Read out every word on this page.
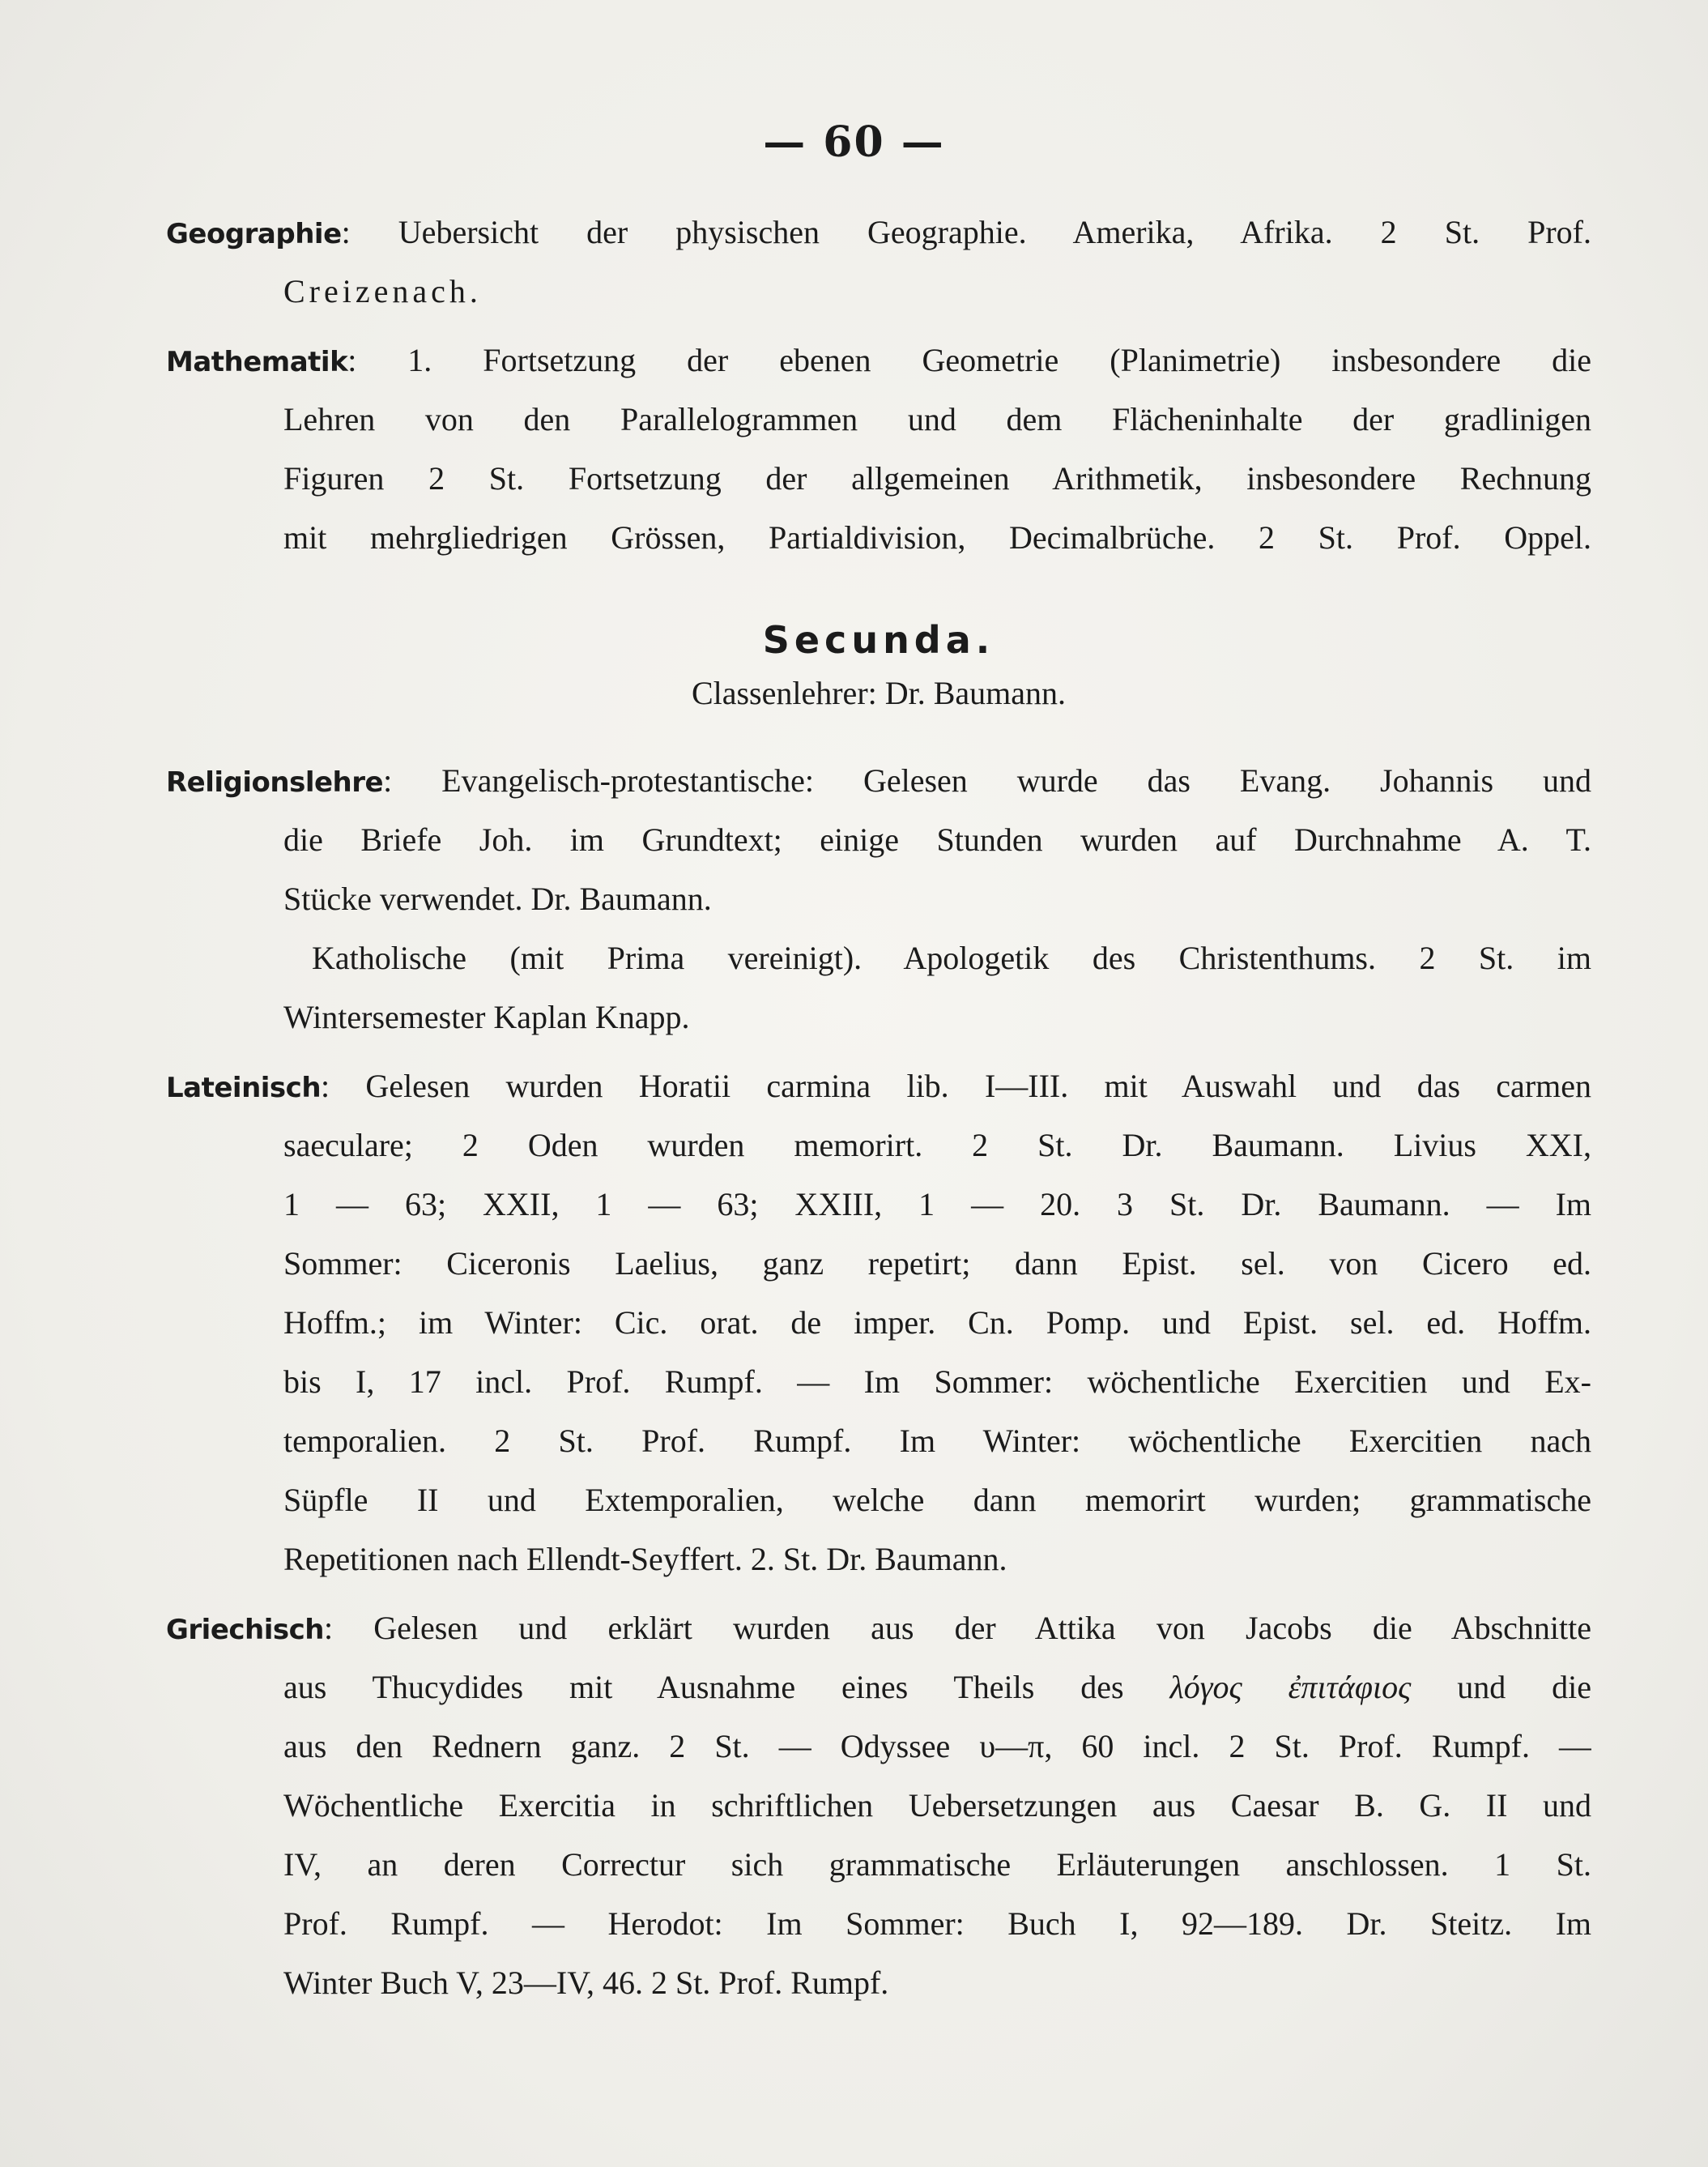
— 60 —
Geographie: Uebersicht der physischen Geographie. Amerika, Afrika. 2 St. Prof.
Creizenach.
Mathematik: 1. Fortsetzung der ebenen Geometrie (Planimetrie) insbesondere die
Lehren von den Parallelogrammen und dem Flächeninhalte der gradlinigen
Figuren 2 St. Fortsetzung der allgemeinen Arithmetik, insbesondere Rechnung
mit mehrgliedrigen Grössen, Partialdivision, Decimalbrüche. 2 St. Prof. Oppel.
Secunda.
Classenlehrer: Dr. Baumann.
Religionslehre: Evangelisch-protestantische: Gelesen wurde das Evang. Johannis und
die Briefe Joh. im Grundtext; einige Stunden wurden auf Durchnahme A. T.
Stücke verwendet. Dr. Baumann.
Katholische (mit Prima vereinigt). Apologetik des Christenthums. 2 St. im
Wintersemester Kaplan Knapp.
Lateinisch: Gelesen wurden Horatii carmina lib. I—III. mit Auswahl und das carmen
saeculare; 2 Oden wurden memorirt. 2 St. Dr. Baumann. Livius XXI,
1 — 63; XXII, 1 — 63; XXIII, 1 — 20. 3 St. Dr. Baumann. — Im
Sommer: Ciceronis Laelius, ganz repetirt; dann Epist. sel. von Cicero ed.
Hoffm.; im Winter: Cic. orat. de imper. Cn. Pomp. und Epist. sel. ed. Hoffm.
bis I, 17 incl. Prof. Rumpf. — Im Sommer: wöchentliche Exercitien und Ex-
temporalien. 2 St. Prof. Rumpf. Im Winter: wöchentliche Exercitien nach
Süpfle II und Extemporalien, welche dann memorirt wurden; grammatische
Repetitionen nach Ellendt-Seyffert. 2. St. Dr. Baumann.
Griechisch: Gelesen und erklärt wurden aus der Attika von Jacobs die Abschnitte
aus Thucydides mit Ausnahme eines Theils des λόγος ἐπιτάφιος und die
aus den Rednern ganz. 2 St. — Odyssee υ—π, 60 incl. 2 St. Prof. Rumpf. —
Wöchentliche Exercitia in schriftlichen Uebersetzungen aus Caesar B. G. II und
IV, an deren Correctur sich grammatische Erläuterungen anschlossen. 1 St.
Prof. Rumpf. — Herodot: Im Sommer: Buch I, 92—189. Dr. Steitz. Im
Winter Buch V, 23—IV, 46. 2 St. Prof. Rumpf.
